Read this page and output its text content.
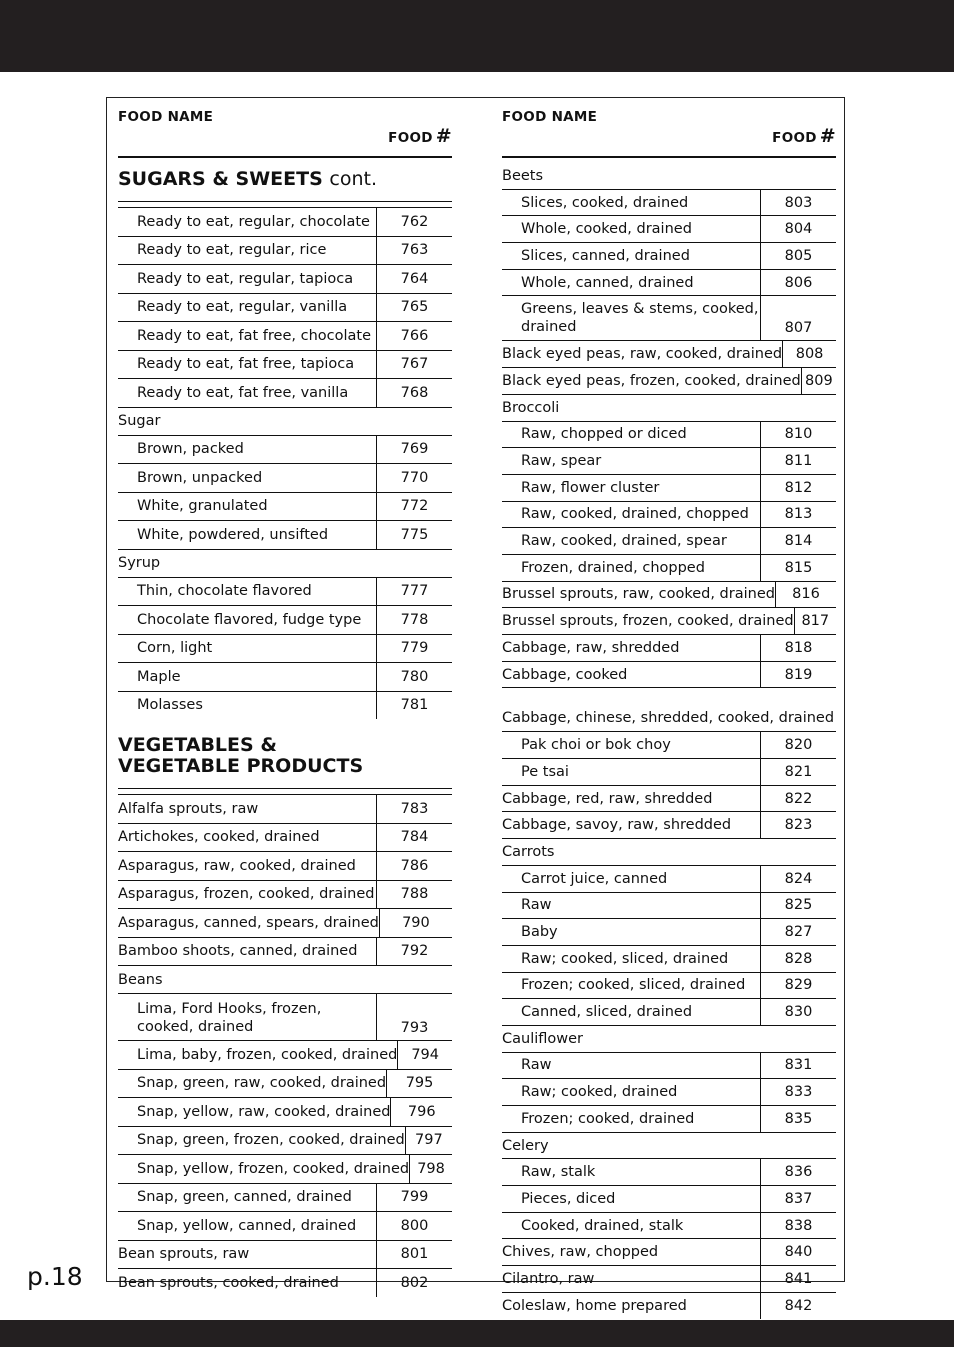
FOOD NAME
FOOD #
SUGARS & SWEETS cont.
Ready to eat, regular, chocolate	762
Ready to eat, regular, rice	763
Ready to eat, regular, tapioca	764
Ready to eat, regular, vanilla	765
Ready to eat, fat free, chocolate	766
Ready to eat, fat free, tapioca	767
Ready to eat, fat free, vanilla	768
Sugar
Brown, packed	769
Brown, unpacked	770
White, granulated	772
White, powdered, unsifted	775
Syrup
Thin, chocolate flavored	777
Chocolate flavored, fudge type	778
Corn, light	779
Maple	780
Molasses	781
VEGETABLES &
VEGETABLE PRODUCTS
Alfalfa sprouts, raw	783
Artichokes, cooked, drained	784
Asparagus, raw, cooked, drained	786
Asparagus, frozen, cooked, drained	788
Asparagus, canned, spears, drained	790
Bamboo shoots, canned, drained	792
Beans
Lima, Ford Hooks, frozen, cooked, drained	793
Lima, baby, frozen, cooked, drained 794
Snap, green, raw, cooked, drained	795
Snap, yellow, raw, cooked, drained	796
Snap, green, frozen, cooked, drained 797
Snap, yellow, frozen, cooked, drained 798
Snap, green, canned, drained	799
Snap, yellow, canned, drained	800
Bean sprouts, raw	801
Bean sprouts, cooked, drained	802
FOOD NAME
FOOD #
Beets
Slices, cooked, drained	803
Whole, cooked, drained	804
Slices, canned, drained	805
Whole, canned, drained	806
Greens, leaves & stems, cooked, drained	807
Black eyed peas, raw, cooked, drained 808
Black eyed peas, frozen, cooked, drained 809
Broccoli
Raw, chopped or diced	810
Raw, spear	811
Raw, flower cluster	812
Raw, cooked, drained, chopped	813
Raw, cooked, drained, spear	814
Frozen, drained, chopped	815
Brussel sprouts, raw, cooked, drained	816
Brussel sprouts, frozen, cooked, drained 817
Cabbage, raw, shredded	818
Cabbage, cooked	819
Cabbage, chinese, shredded, cooked, drained
Pak choi or bok choy	820
Pe tsai	821
Cabbage, red, raw, shredded	822
Cabbage, savoy, raw, shredded	823
Carrots
Carrot juice, canned	824
Raw	825
Baby	827
Raw; cooked, sliced, drained	828
Frozen; cooked, sliced, drained	829
Canned, sliced, drained	830
Cauliflower
Raw	831
Raw; cooked, drained	833
Frozen; cooked, drained	835
Celery
Raw, stalk	836
Pieces, diced	837
Cooked, drained, stalk	838
Chives, raw, chopped	840
Cilantro, raw	841
Coleslaw, home prepared	842
p.18
